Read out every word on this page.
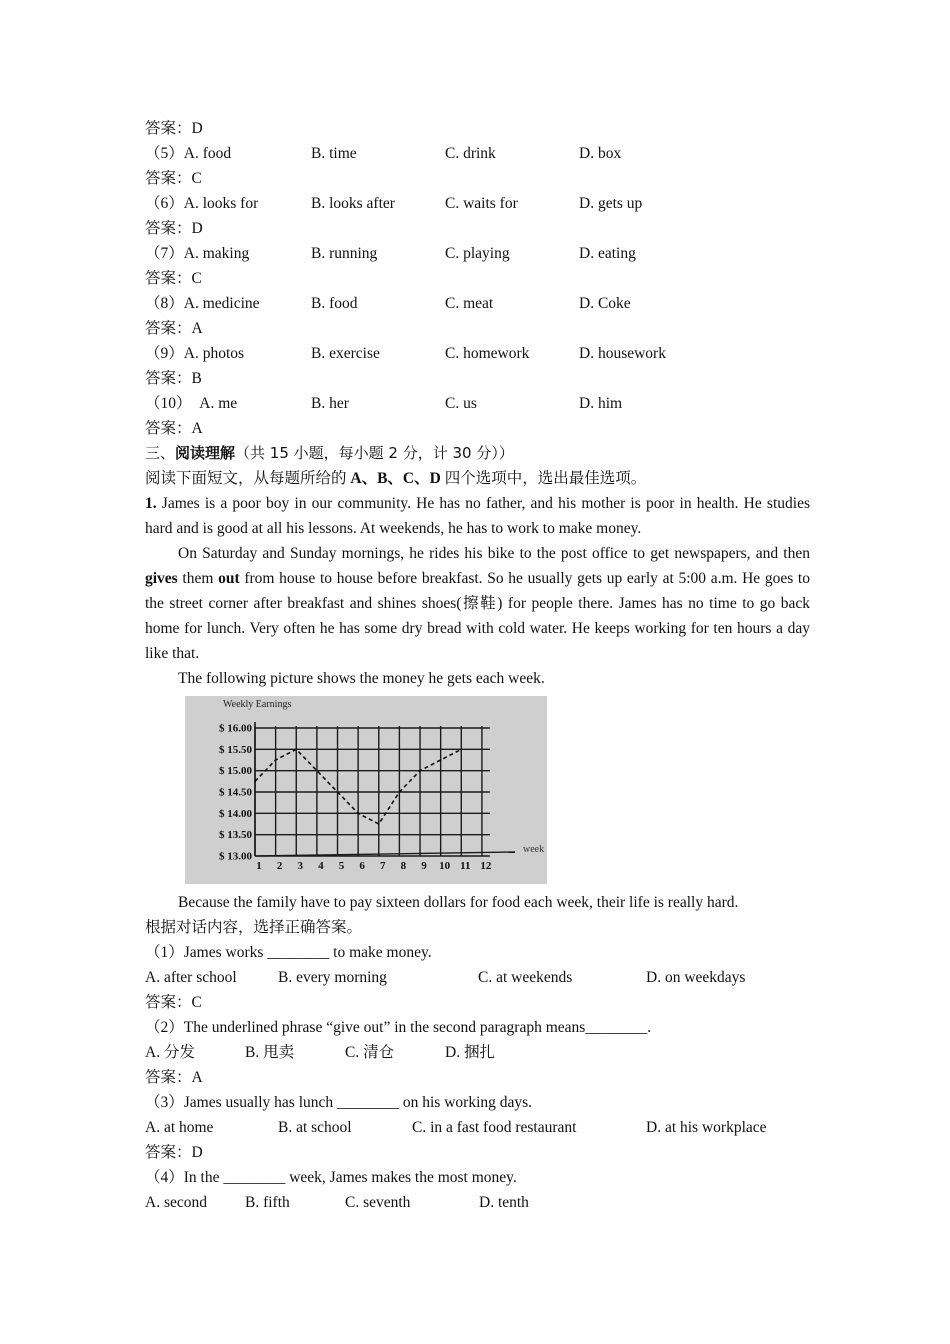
答案：D
（5）A. food	B. time	C. drink	D. box
答案：C
（6）A. looks for	B. looks after	C. waits for	D. gets up
答案：D
（7）A. making	B. running	C. playing	D. eating
答案：C
（8）A. medicine	B. food	C. meat	D. Coke
答案：A
（9）A. photos	B. exercise	C. homework	D. housework
答案：B
（10） A. me	B. her	C. us	D. him
答案：A
三、阅读理解（共 15 小题，每小题 2 分，计 30 分））
阅读下面短文，从每题所给的 A、B、C、D 四个选项中，选出最佳选项。
1. James is a poor boy in our community. He has no father, and his mother is poor in health. He studies hard and is good at all his lessons. At weekends, he has to work to make money.
On Saturday and Sunday mornings, he rides his bike to the post office to get newspapers, and then gives them out from house to house before breakfast. So he usually gets up early at 5:00 a.m. He goes to the street corner after breakfast and shines shoes(擦鞋) for people there. James has no time to go back home for lunch. Very often he has some dry bread with cold water. He keeps working for ten hours a day like that.
The following picture shows the money he gets each week.
Weekly Earnings
$ 13.00
$ 13.50
$ 14.00
$ 14.50
$ 15.00
$ 15.50
$ 16.00
1 2 3 4 5 6 7 8 9 10 11 12
week
Because the family have to pay sixteen dollars for food each week, their life is really hard.
根据对话内容，选择正确答案。
（1）James works ________ to make money.
A. after school	B. every morning	C. at weekends	D. on weekdays
答案：C
（2）The underlined phrase “give out” in the second paragraph means________.
A. 分发	B. 甩卖	C. 清仓	D. 捆扎
答案：A
（3）James usually has lunch ________ on his working days.
A. at home	B. at school	C. in a fast food restaurant	D. at his workplace
答案：D
（4）In the ________ week, James makes the most money.
A. second B. fifth	C. seventh	D. tenth
